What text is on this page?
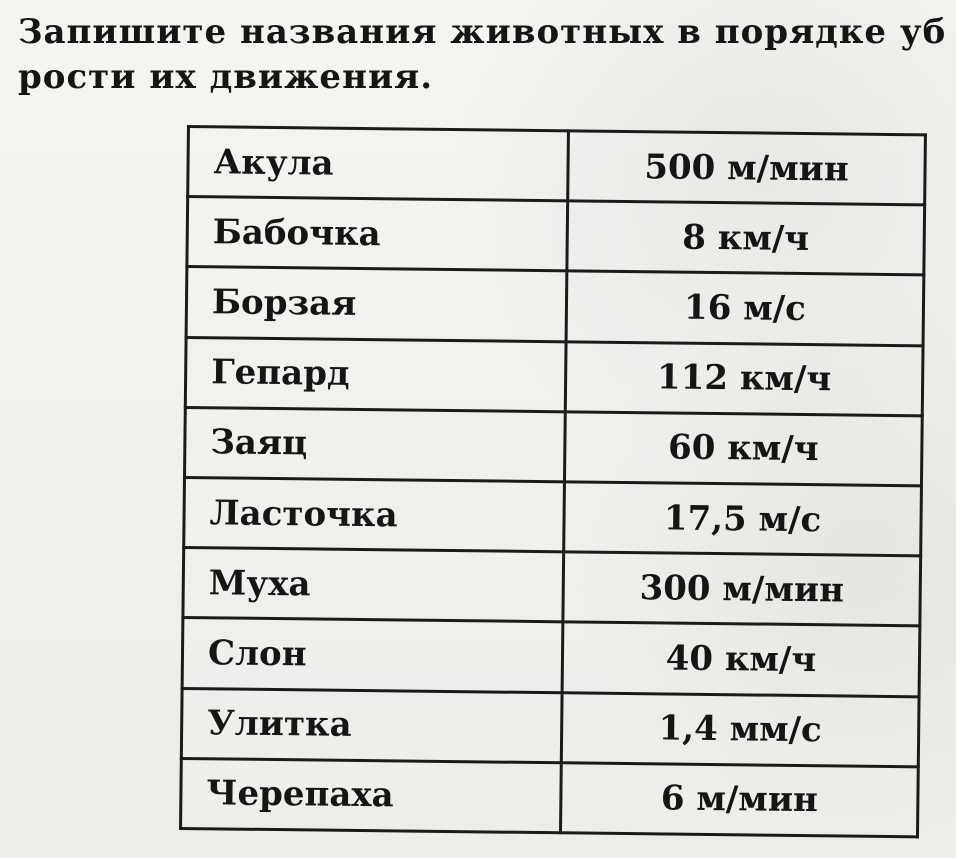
Запишите названия животных в порядке уб
рости их движения.
Акула	500 м/мин
Бабочка	8 км/ч
Борзая	16 м/с
Гепард	112 км/ч
Заяц	60 км/ч
Ласточка	17,5 м/с
Муха	300 м/мин
Слон	40 км/ч
Улитка	1,4 мм/с
Черепаха	6 м/мин
